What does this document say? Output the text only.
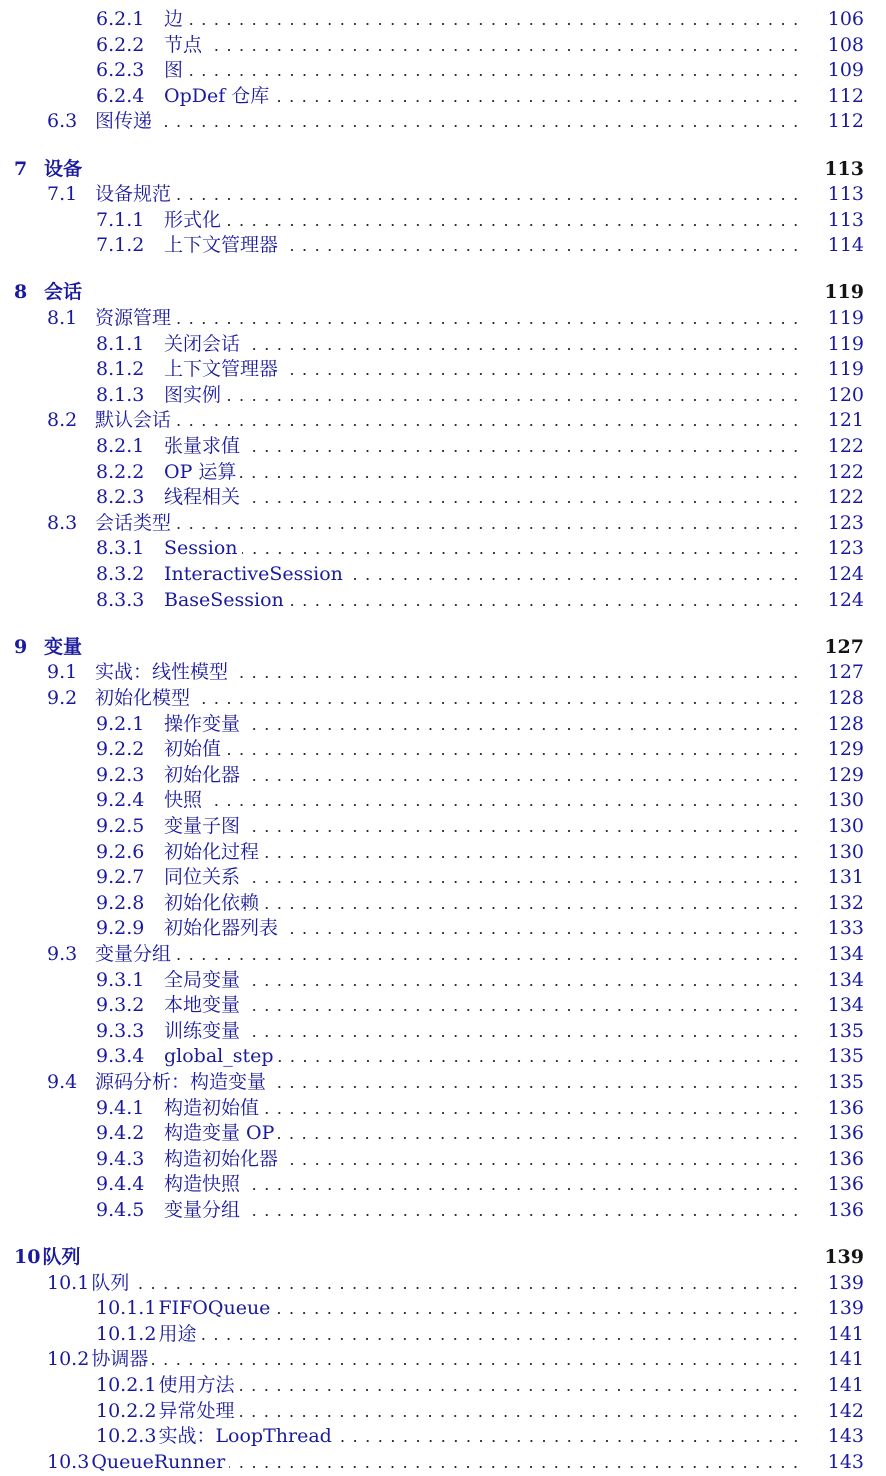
6.2.1	边	106
6.2.2	节点	108
6.2.3	图	109
6.2.4	OpDef 仓库	112
6.3 图传递	112
7 设备	113
7.1 设备规范	113
7.1.1	形式化	113
7.1.2	上下文管理器	114
8 会话	119
8.1 资源管理	119
8.1.1	关闭会话	119
8.1.2	上下文管理器	119
8.1.3	图实例	120
8.2 默认会话	121
8.2.1	张量求值	122
8.2.2	OP 运算	122
8.2.3	线程相关	122
8.3 会话类型	123
8.3.1	Session	123
8.3.2	InteractiveSession	124
8.3.3	BaseSession	124
9 变量	127
9.1 实战：线性模型	127
9.2 初始化模型	128
9.2.1	操作变量	128
9.2.2	初始值	129
9.2.3	初始化器	129
9.2.4	快照	130
9.2.5	变量子图	130
9.2.6	初始化过程	130
9.2.7	同位关系	131
9.2.8	初始化依赖	132
9.2.9	初始化器列表	133
9.3 变量分组	134
9.3.1	全局变量	134
9.3.2	本地变量	134
9.3.3	训练变量	135
9.3.4	global_step	135
9.4 源码分析：构造变量	135
9.4.1	构造初始值	136
9.4.2	构造变量 OP	136
9.4.3	构造初始化器	136
9.4.4	构造快照	136
9.4.5	变量分组	136
10 队列	139
10.1 队列	139
10.1.1 FIFOQueue	139
10.1.2 用途	141
10.2 协调器	141
10.2.1 使用方法	141
10.2.2 异常处理	142
10.2.3 实战：LoopThread	143
10.3 QueueRunner	143
